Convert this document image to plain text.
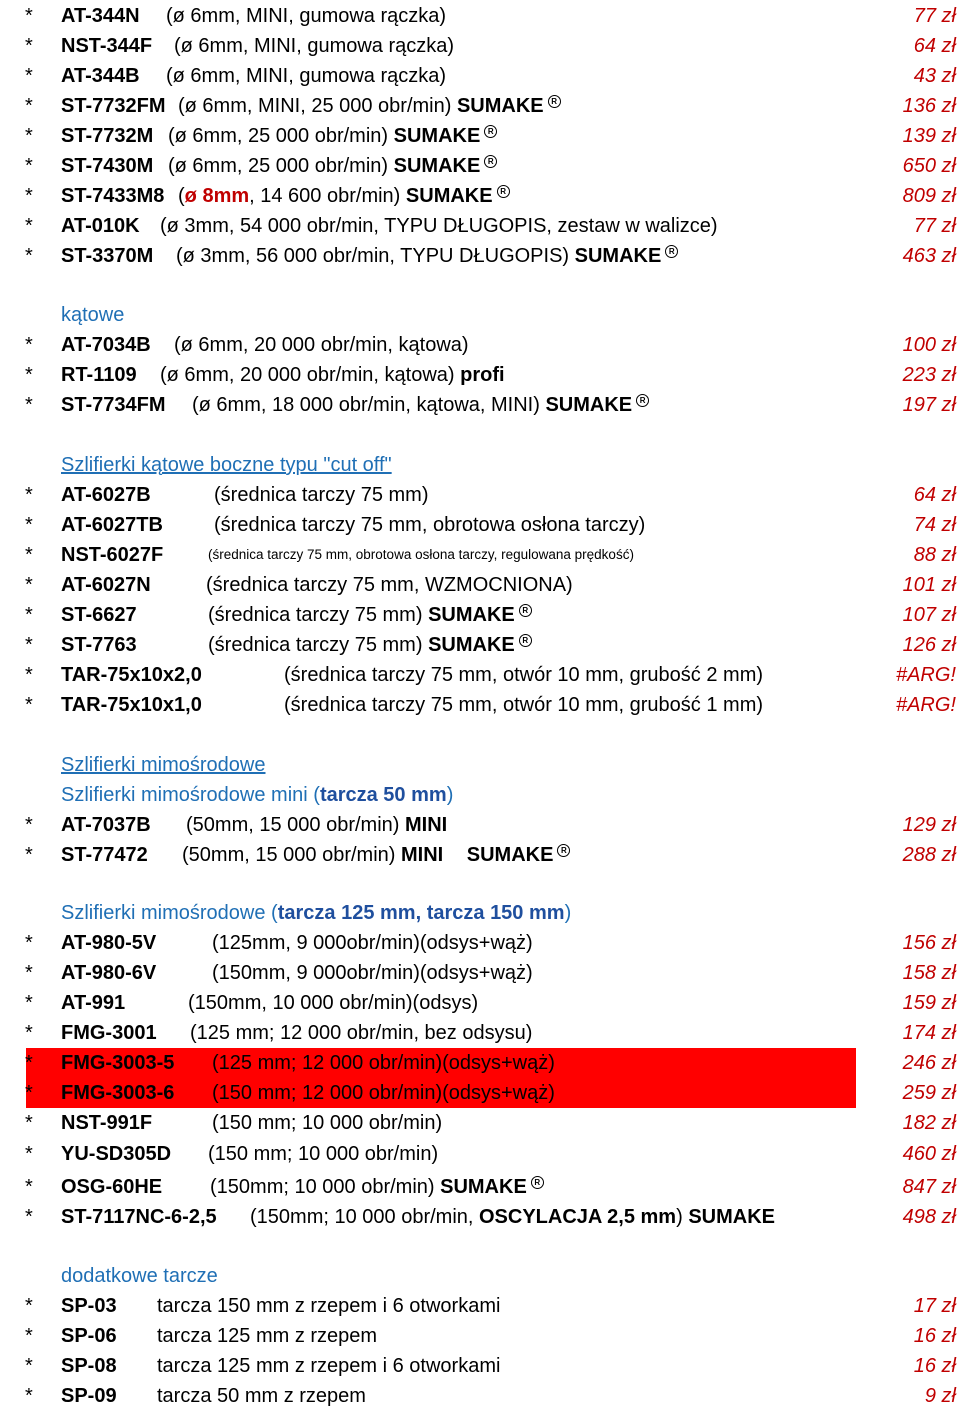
* AT-344N (ø 6mm, MINI, gumowa rączka)	77 zł
* NST-344F (ø 6mm, MINI, gumowa rączka)	64 zł
* AT-344B (ø 6mm, MINI, gumowa rączka)	43 zł
* ST-7732FM (ø 6mm, MINI, 25 000 obr/min) SUMAKE R	136 zł
* ST-7732M (ø 6mm, 25 000 obr/min) SUMAKE R	139 zł
* ST-7430M (ø 6mm, 25 000 obr/min) SUMAKE R	650 zł
* ST-7433M8 (ø 8mm, 14 600 obr/min) SUMAKE R	809 zł
* AT-010K (ø 3mm, 54 000 obr/min, TYPU DŁUGOPIS, zestaw w walizce)	77 zł
* ST-3370M (ø 3mm, 56 000 obr/min, TYPU DŁUGOPIS) SUMAKE R	463 zł
kątowe
* AT-7034B (ø 6mm, 20 000 obr/min, kątowa)	100 zł
* RT-1109 (ø 6mm, 20 000 obr/min, kątowa) profi	223 zł
* ST-7734FM (ø 6mm, 18 000 obr/min, kątowa, MINI) SUMAKE R	197 zł
Szlifierki kątowe boczne typu "cut off"
* AT-6027B	(średnica tarczy 75 mm)	64 zł
* AT-6027TB	(średnica tarczy 75 mm, obrotowa osłona tarczy)	74 zł
* NST-6027F	(średnica tarczy 75 mm, obrotowa osłona tarczy, regulowana prędkość)	88 zł
* AT-6027N	(średnica tarczy 75 mm, WZMOCNIONA)	101 zł
* ST-6627	(średnica tarczy 75 mm) SUMAKE R	107 zł
* ST-7763	(średnica tarczy 75 mm) SUMAKE R	126 zł
* TAR-75x10x2,0	(średnica tarczy 75 mm, otwór 10 mm, grubość 2 mm)	#ARG!
* TAR-75x10x1,0	(średnica tarczy 75 mm, otwór 10 mm, grubość 1 mm)	#ARG!
Szlifierki mimośrodowe
Szlifierki mimośrodowe mini (tarcza 50 mm)
* AT-7037B (50mm, 15 000 obr/min) MINI	129 zł
* ST-77472 (50mm, 15 000 obr/min) MINI SUMAKE R	288 zł
Szlifierki mimośrodowe (tarcza 125 mm, tarcza 150 mm)
* AT-980-5V	(125mm, 9 000obr/min)(odsys+wąż)	156 zł
* AT-980-6V	(150mm, 9 000obr/min)(odsys+wąż)	158 zł
* AT-991	(150mm, 10 000 obr/min)(odsys)	159 zł
* FMG-3001 (125 mm; 12 000 obr/min, bez odsysu)	174 zł
* FMG-3003-5 (125 mm; 12 000 obr/min)(odsys+wąż)	246 zł
* FMG-3003-6 (150 mm; 12 000 obr/min)(odsys+wąż)	259 zł
* NST-991F	(150 mm; 10 000 obr/min)	182 zł
* YU-SD305D (150 mm; 10 000 obr/min)	460 zł
* OSG-60HE (150mm; 10 000 obr/min) SUMAKE R	847 zł
* ST-7117NC-6-2,5 (150mm; 10 000 obr/min, OSCYLACJA 2,5 mm) SUMAKE	498 zł
dodatkowe tarcze
* SP-03 tarcza 150 mm z rzepem i 6 otworkami	17 zł
* SP-06 tarcza 125 mm z rzepem	16 zł
* SP-08 tarcza 125 mm z rzepem i 6 otworkami	16 zł
* SP-09 tarcza 50 mm z rzepem	9 zł
